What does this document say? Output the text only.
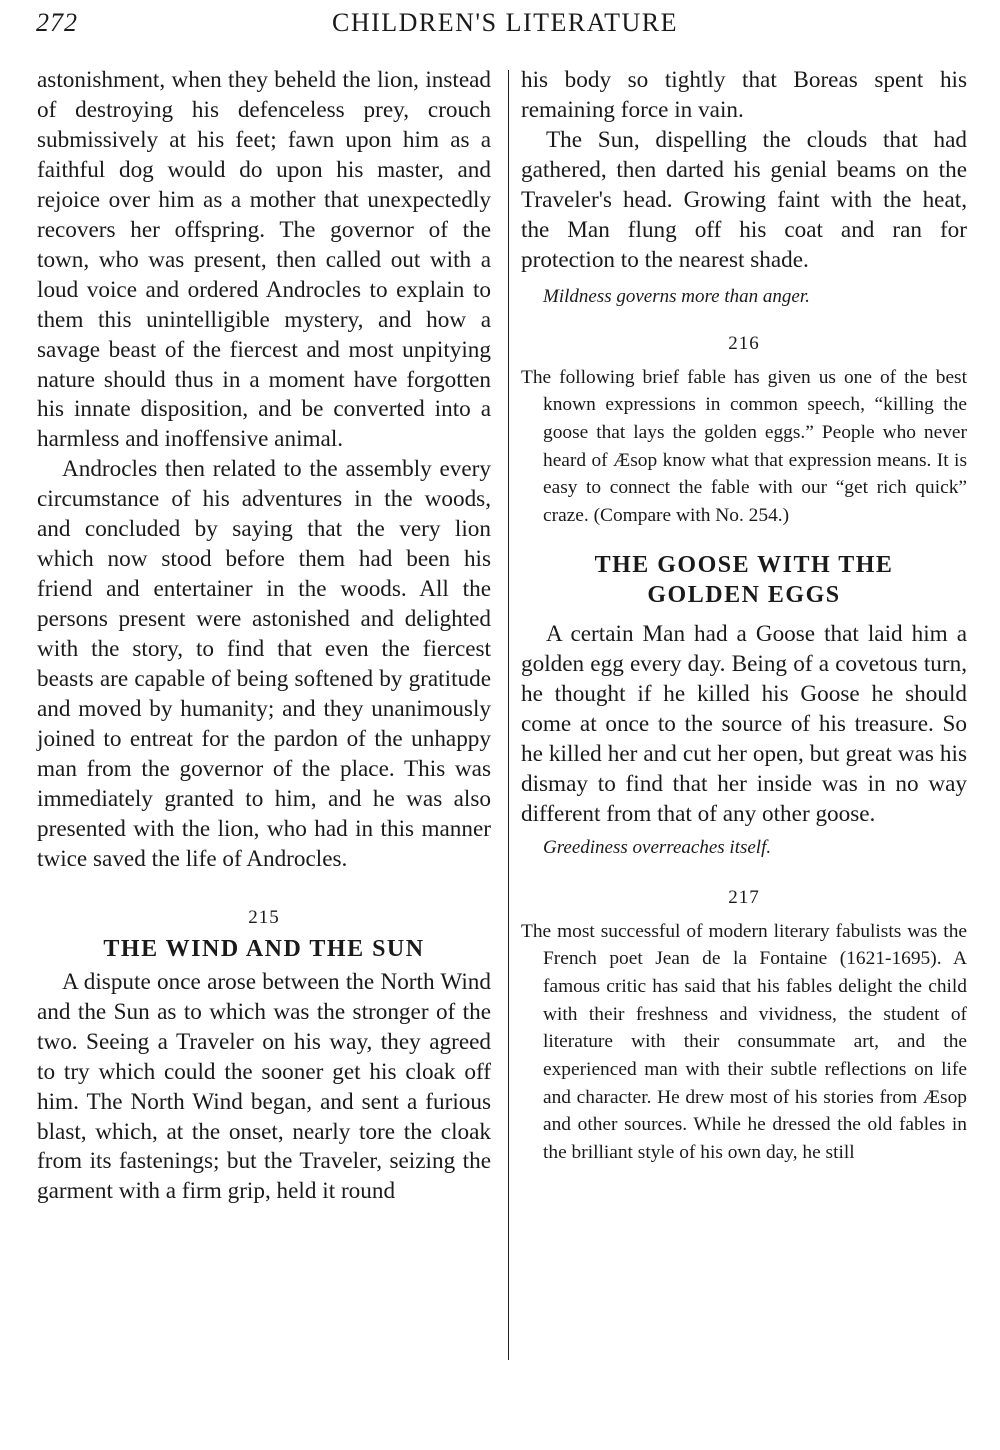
272	CHILDREN'S LITERATURE

astonishment, when they beheld the lion, instead of destroying his defenceless prey, crouch submissively at his feet; fawn upon him as a faithful dog would do upon his master, and rejoice over him as a mother that unexpectedly recovers her offspring. The governor of the town, who was present, then called out with a loud voice and ordered Androcles to explain to them this unintelligible mystery, and how a savage beast of the fiercest and most unpitying nature should thus in a moment have forgotten his innate disposition, and be converted into a harmless and inoffensive animal.

Androcles then related to the assembly every circumstance of his adventures in the woods, and concluded by saying that the very lion which now stood before them had been his friend and entertainer in the woods. All the persons present were astonished and delighted with the story, to find that even the fiercest beasts are capable of being softened by gratitude and moved by humanity; and they unanimously joined to entreat for the pardon of the unhappy man from the governor of the place. This was immediately granted to him, and he was also presented with the lion, who had in this manner twice saved the life of Androcles.

215
THE WIND AND THE SUN

A dispute once arose between the North Wind and the Sun as to which was the stronger of the two. Seeing a Traveler on his way, they agreed to try which could the sooner get his cloak off him. The North Wind began, and sent a furious blast, which, at the onset, nearly tore the cloak from its fastenings; but the Traveler, seizing the garment with a firm grip, held it round

his body so tightly that Boreas spent his remaining force in vain.

The Sun, dispelling the clouds that had gathered, then darted his genial beams on the Traveler's head. Growing faint with the heat, the Man flung off his coat and ran for protection to the nearest shade.

Mildness governs more than anger.

216

The following brief fable has given us one of the best known expressions in common speech, “killing the goose that lays the golden eggs.” People who never heard of Æsop know what that expression means. It is easy to connect the fable with our “get rich quick” craze. (Compare with No. 254.)

THE GOOSE WITH THE
GOLDEN EGGS

A certain Man had a Goose that laid him a golden egg every day. Being of a covetous turn, he thought if he killed his Goose he should come at once to the source of his treasure. So he killed her and cut her open, but great was his dismay to find that her inside was in no way different from that of any other goose.

Greediness overreaches itself.

217

The most successful of modern literary fabulists was the French poet Jean de la Fontaine (1621-1695). A famous critic has said that his fables delight the child with their freshness and vividness, the student of literature with their consummate art, and the experienced man with their subtle reflections on life and character. He drew most of his stories from Æsop and other sources. While he dressed the old fables in the brilliant style of his own day, he still
